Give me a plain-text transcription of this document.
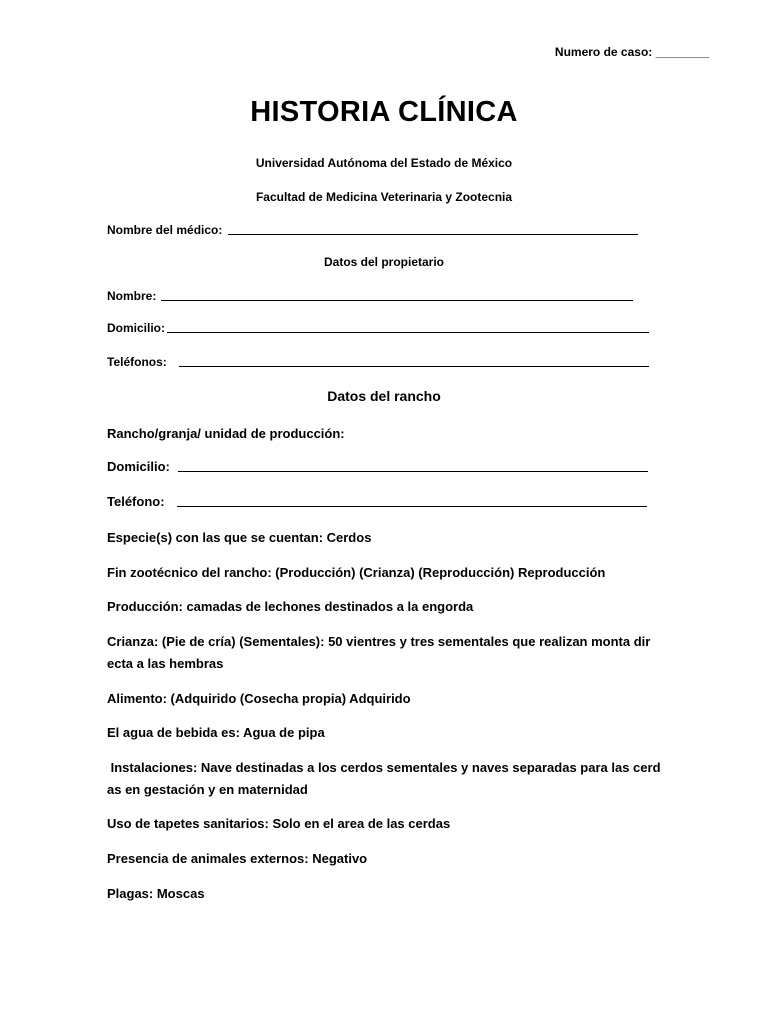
Numero de caso: ________
HISTORIA CLÍNICA
Universidad Autónoma del Estado de México
Facultad de Medicina Veterinaria y Zootecnia
Nombre del médico:
Datos del propietario
Nombre:
Domicilio:
Teléfonos:
Datos del rancho
Rancho/granja/ unidad de producción:
Domicilio:
Teléfono:
Especie(s) con las que se cuentan: Cerdos
Fin zootécnico del rancho: (Producción) (Crianza) (Reproducción) Reproducción
Producción: camadas de lechones destinados a la engorda
Crianza: (Pie de cría) (Sementales): 50 vientres y tres sementales que realizan monta dir
ecta a las hembras
Alimento: (Adquirido (Cosecha propia) Adquirido
El agua de bebida es: Agua de pipa
Instalaciones: Nave destinadas a los cerdos sementales y naves separadas para las cerd
as en gestación y en maternidad
Uso de tapetes sanitarios: Solo en el area de las cerdas
Presencia de animales externos: Negativo
Plagas: Moscas
